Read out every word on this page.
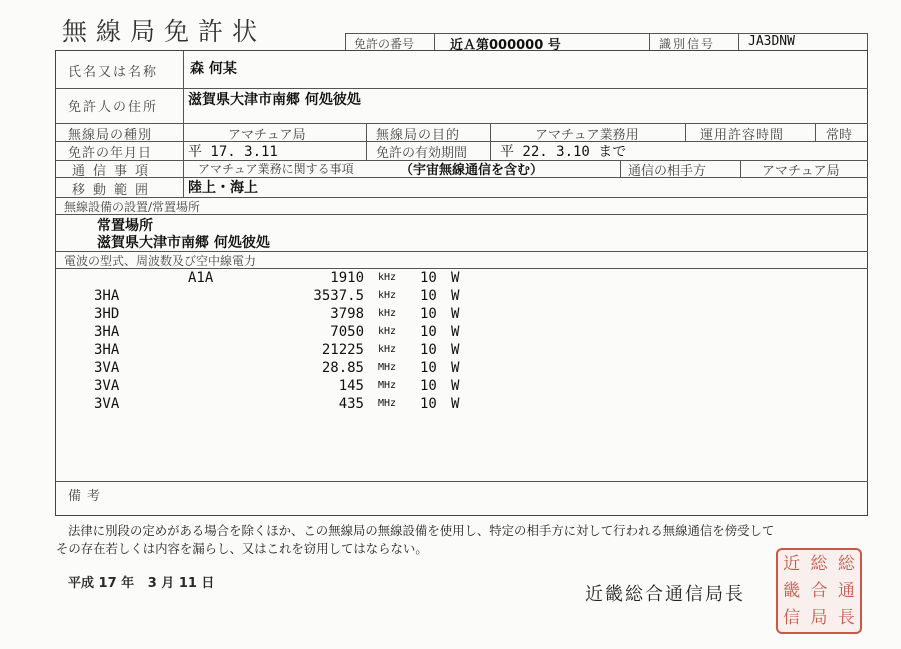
無線局免許状	免許の番号	近Ａ第000000 号	識別信号	JA3DNW
氏名又は名称 森 何某
免許人の住所 滋賀県大津市南郷 何処彼処
無線局の種別	アマチュア局	無線局の目的	アマチュア業務用	運用許容時間	常時
免許の年月日	平 17. 3.11	免許の有効期間 平 22. 3.10 まで
通信事項	アマチュア業務に関する事項	（宇宙無線通信を含む）	通信の相手方	アマチュア局
移動範囲 陸上・海上
無線設備の設置/常置場所
常置場所
滋賀県大津市南郷 何処彼処
電波の型式、周波数及び空中線電力
A1A	1910 kHz 10 W
3HA	3537.5 kHz 10 W
3HD	3798 kHz 10 W
3HA	7050 kHz 10 W
3HA	21225 kHz 10 W
3VA	28.85 MHz 10 W
3VA	145 MHz 10 W
3VA	435 MHz 10 W
備考
法律に別段の定めがある場合を除くほか、この無線局の無線設備を使用し、特定の相手方に対して行われる無線通信を傍受して
その存在若しくは内容を漏らし、又はこれを窃用してはならない。
平成 17 年   3 月 11 日
近畿総合通信局長
近 総 総
畿 合 通
信 局 長
